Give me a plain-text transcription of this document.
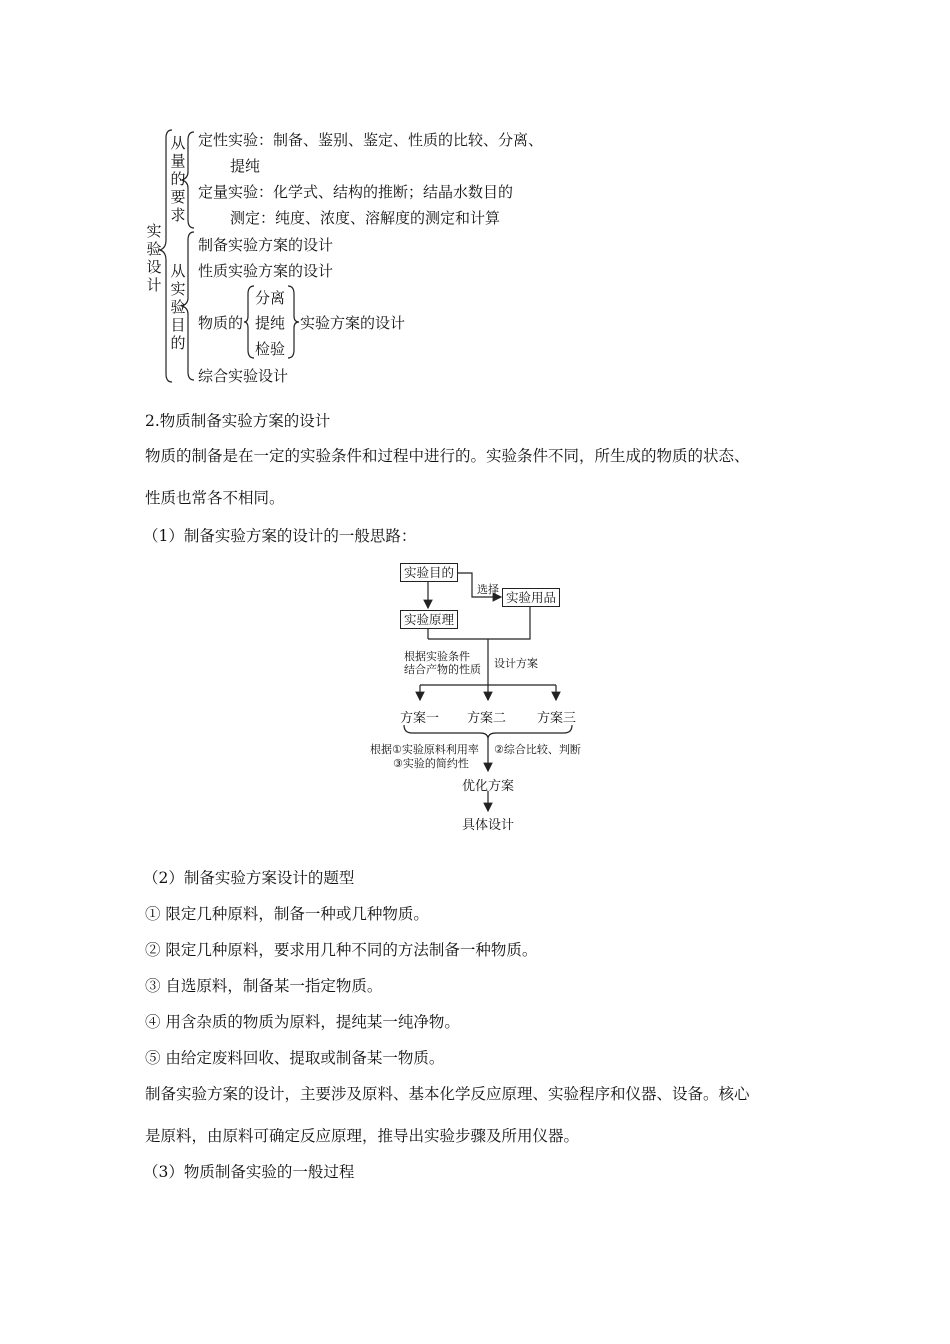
实验设计
从量的要求
从实验目的
定性实验：制备、鉴别、鉴定、性质的比较、分离、
提纯
定量实验：化学式、结构的推断；结晶水数目的
测定：纯度、浓度、溶解度的测定和计算
制备实验方案的设计
性质实验方案的设计
物质的
分离
提纯
检验
实验方案的设计
综合实验设计
2.物质制备实验方案的设计
物质的制备是在一定的实验条件和过程中进行的。实验条件不同，所生成的物质的状态、
性质也常各不相同。
（1）制备实验方案的设计的一般思路：
实验目的
选择
实验用品
实验原理
根据实验条件
结合产物的性质 设计方案
方案一 方案二 方案三
根据①实验原料利用率
③实验的简约性
②综合比较、判断
优化方案
具体设计
（2）制备实验方案设计的题型
① 限定几种原料，制备一种或几种物质。
② 限定几种原料，要求用几种不同的方法制备一种物质。
③ 自选原料，制备某一指定物质。
④ 用含杂质的物质为原料，提纯某一纯净物。
⑤ 由给定废料回收、提取或制备某一物质。
制备实验方案的设计，主要涉及原料、基本化学反应原理、实验程序和仪器、设备。核心
是原料，由原料可确定反应原理，推导出实验步骤及所用仪器。
（3）物质制备实验的一般过程
